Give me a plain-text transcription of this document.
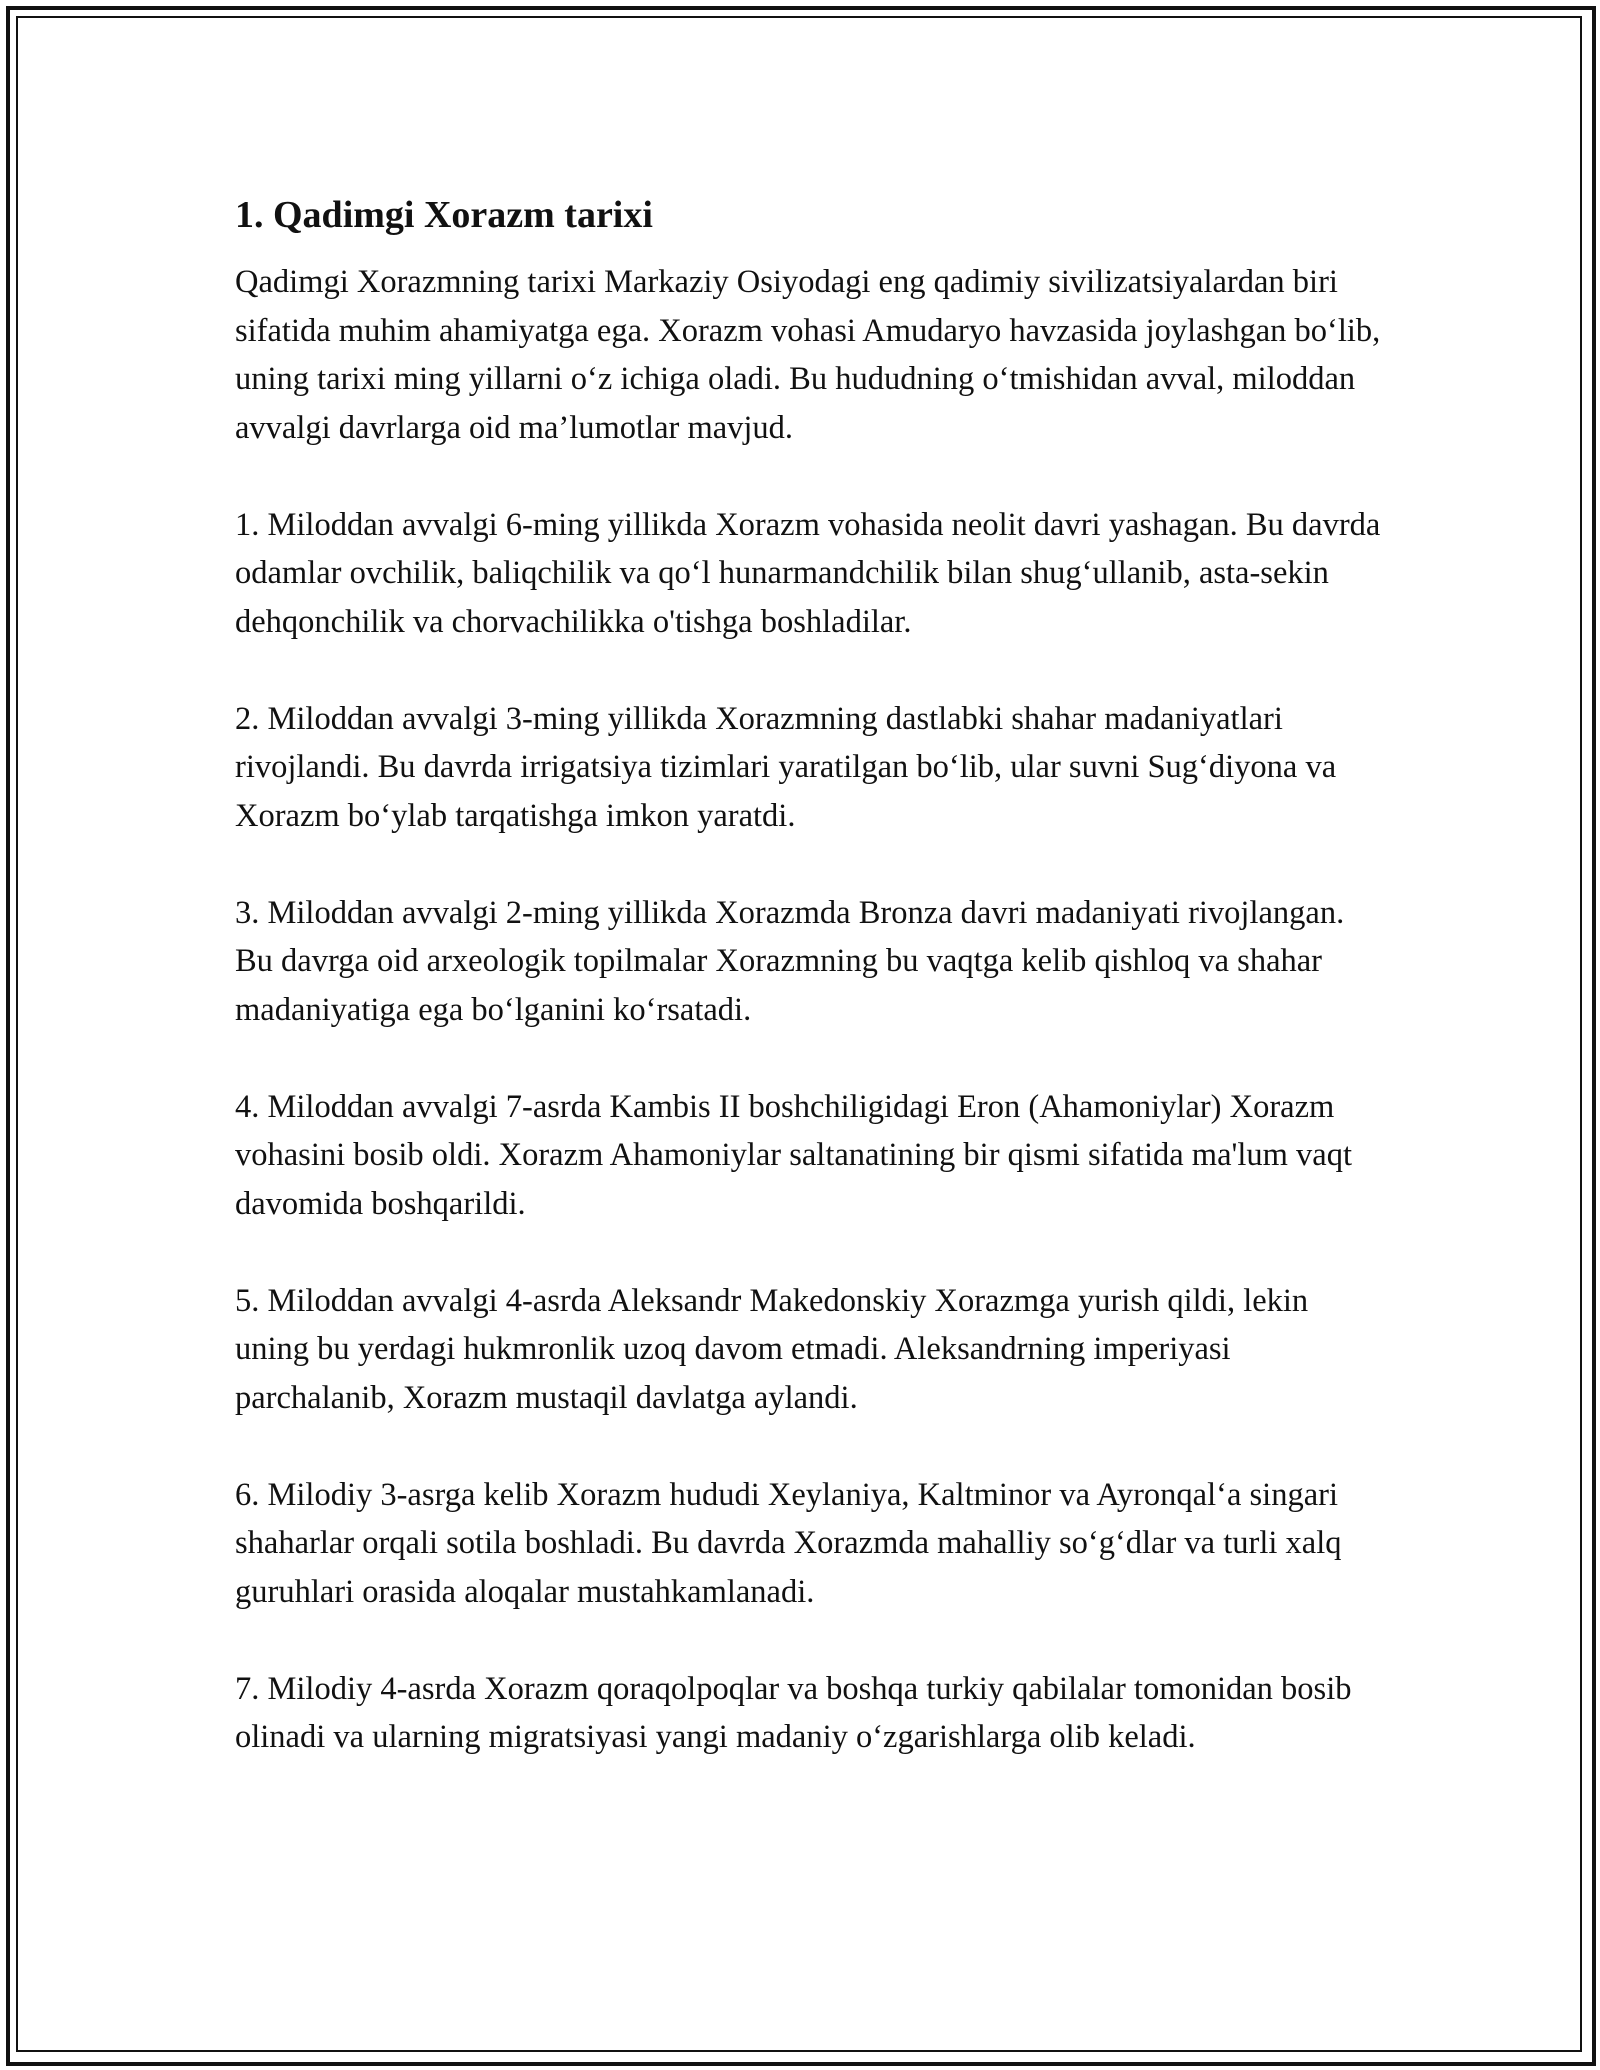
1. Qadimgi Xorazm tarixi

Qadimgi Xorazmning tarixi Markaziy Osiyodagi eng qadimiy sivilizatsiyalardan biri sifatida muhim ahamiyatga ega. Xorazm vohasi Amudaryo havzasida joylashgan bo‘lib, uning tarixi ming yillarni o‘z ichiga oladi. Bu hududning o‘tmishidan avval, miloddan avvalgi davrlarga oid ma’lumotlar mavjud.

1. Miloddan avvalgi 6-ming yillikda Xorazm vohasida neolit davri yashagan. Bu davrda odamlar ovchilik, baliqchilik va qo‘l hunarmandchilik bilan shug‘ullanib, asta-sekin dehqonchilik va chorvachilikka o'tishga boshladilar.

2. Miloddan avvalgi 3-ming yillikda Xorazmning dastlabki shahar madaniyatlari rivojlandi. Bu davrda irrigatsiya tizimlari yaratilgan bo‘lib, ular suvni Sug‘diyona va Xorazm bo‘ylab tarqatishga imkon yaratdi.

3. Miloddan avvalgi 2-ming yillikda Xorazmda Bronza davri madaniyati rivojlangan. Bu davrga oid arxeologik topilmalar Xorazmning bu vaqtga kelib qishloq va shahar madaniyatiga ega bo‘lganini ko‘rsatadi.

4. Miloddan avvalgi 7-asrda Kambis II boshchiligidagi Eron (Ahamoniylar) Xorazm vohasini bosib oldi. Xorazm Ahamoniylar saltanatining bir qismi sifatida ma'lum vaqt davomida boshqarildi.

5. Miloddan avvalgi 4-asrda Aleksandr Makedonskiy Xorazmga yurish qildi, lekin uning bu yerdagi hukmronlik uzoq davom etmadi. Aleksandrning imperiyasi parchalanib, Xorazm mustaqil davlatga aylandi.

6. Milodiy 3-asrga kelib Xorazm hududi Xeylaniya, Kaltminor va Ayronqal‘a singari shaharlar orqali sotila boshladi. Bu davrda Xorazmda mahalliy so‘g‘dlar va turli xalq guruhlari orasida aloqalar mustahkamlanadi.

7. Milodiy 4-asrda Xorazm qoraqolpoqlar va boshqa turkiy qabilalar tomonidan bosib olinadi va ularning migratsiyasi yangi madaniy o‘zgarishlarga olib keladi.
